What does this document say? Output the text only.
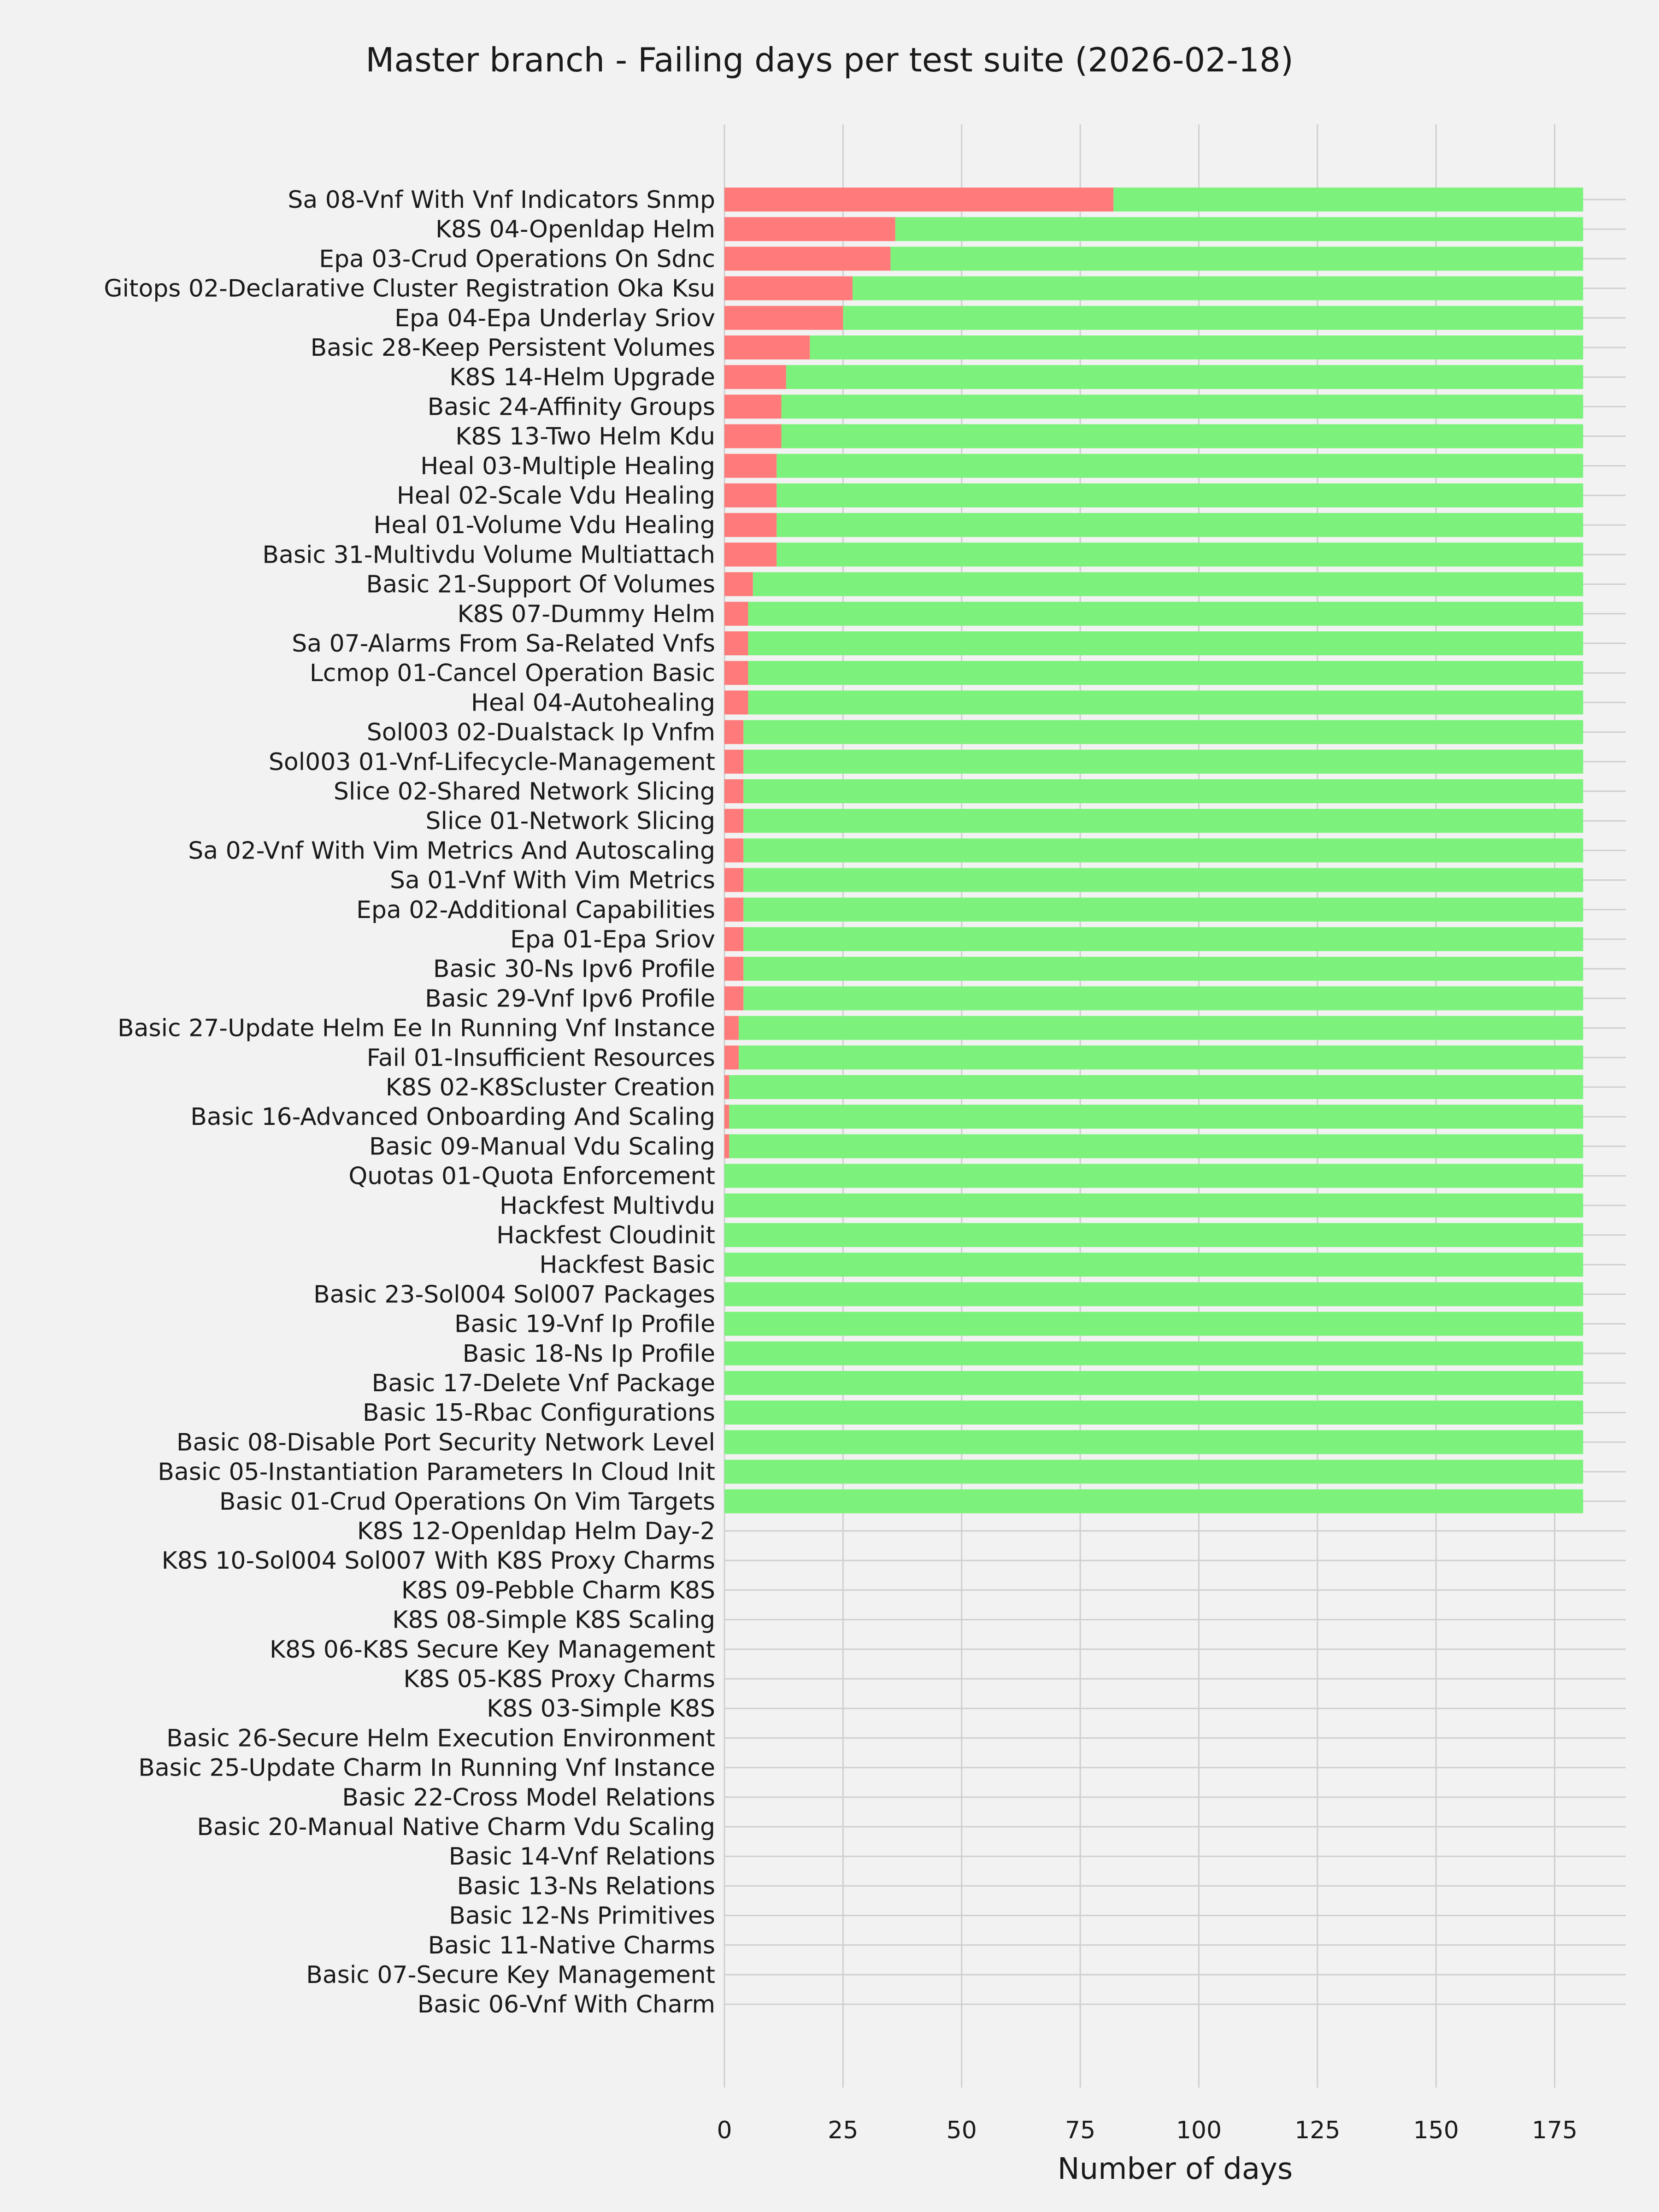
Sa 08-Vnf With Vnf Indicators Snmp
K8S 04-Openldap Helm
Epa 03-Crud Operations On Sdnc
Gitops 02-Declarative Cluster Registration Oka Ksu
Epa 04-Epa Underlay Sriov
Basic 28-Keep Persistent Volumes
K8S 14-Helm Upgrade
Basic 24-Affinity Groups
K8S 13-Two Helm Kdu
Heal 03-Multiple Healing
Heal 02-Scale Vdu Healing
Heal 01-Volume Vdu Healing
Basic 31-Multivdu Volume Multiattach
Basic 21-Support Of Volumes
K8S 07-Dummy Helm
Sa 07-Alarms From Sa-Related Vnfs
Lcmop 01-Cancel Operation Basic
Heal 04-Autohealing
Sol003 02-Dualstack Ip Vnfm
Sol003 01-Vnf-Lifecycle-Management
Slice 02-Shared Network Slicing
Slice 01-Network Slicing
Sa 02-Vnf With Vim Metrics And Autoscaling
Sa 01-Vnf With Vim Metrics
Epa 02-Additional Capabilities
Epa 01-Epa Sriov
Basic 30-Ns Ipv6 Profile
Basic 29-Vnf Ipv6 Profile
Basic 27-Update Helm Ee In Running Vnf Instance
Fail 01-Insufficient Resources
K8S 02-K8Scluster Creation
Basic 16-Advanced Onboarding And Scaling
Basic 09-Manual Vdu Scaling
Quotas 01-Quota Enforcement
Hackfest Multivdu
Hackfest Cloudinit
Hackfest Basic
Basic 23-Sol004 Sol007 Packages
Basic 19-Vnf Ip Profile
Basic 18-Ns Ip Profile
Basic 17-Delete Vnf Package
Basic 15-Rbac Configurations
Basic 08-Disable Port Security Network Level
Basic 05-Instantiation Parameters In Cloud Init
Basic 01-Crud Operations On Vim Targets
K8S 12-Openldap Helm Day-2
K8S 10-Sol004 Sol007 With K8S Proxy Charms
K8S 09-Pebble Charm K8S
K8S 08-Simple K8S Scaling
K8S 06-K8S Secure Key Management
K8S 05-K8S Proxy Charms
K8S 03-Simple K8S
Basic 26-Secure Helm Execution Environment
Basic 25-Update Charm In Running Vnf Instance
Basic 22-Cross Model Relations
Basic 20-Manual Native Charm Vdu Scaling
Basic 14-Vnf Relations
Basic 13-Ns Relations
Basic 12-Ns Primitives
Basic 11-Native Charms
Basic 07-Secure Key Management
Basic 06-Vnf With Charm
0	25	50	75	100	125	150	175
Master branch - Failing days per test suite (2026-02-18)
Number of days
